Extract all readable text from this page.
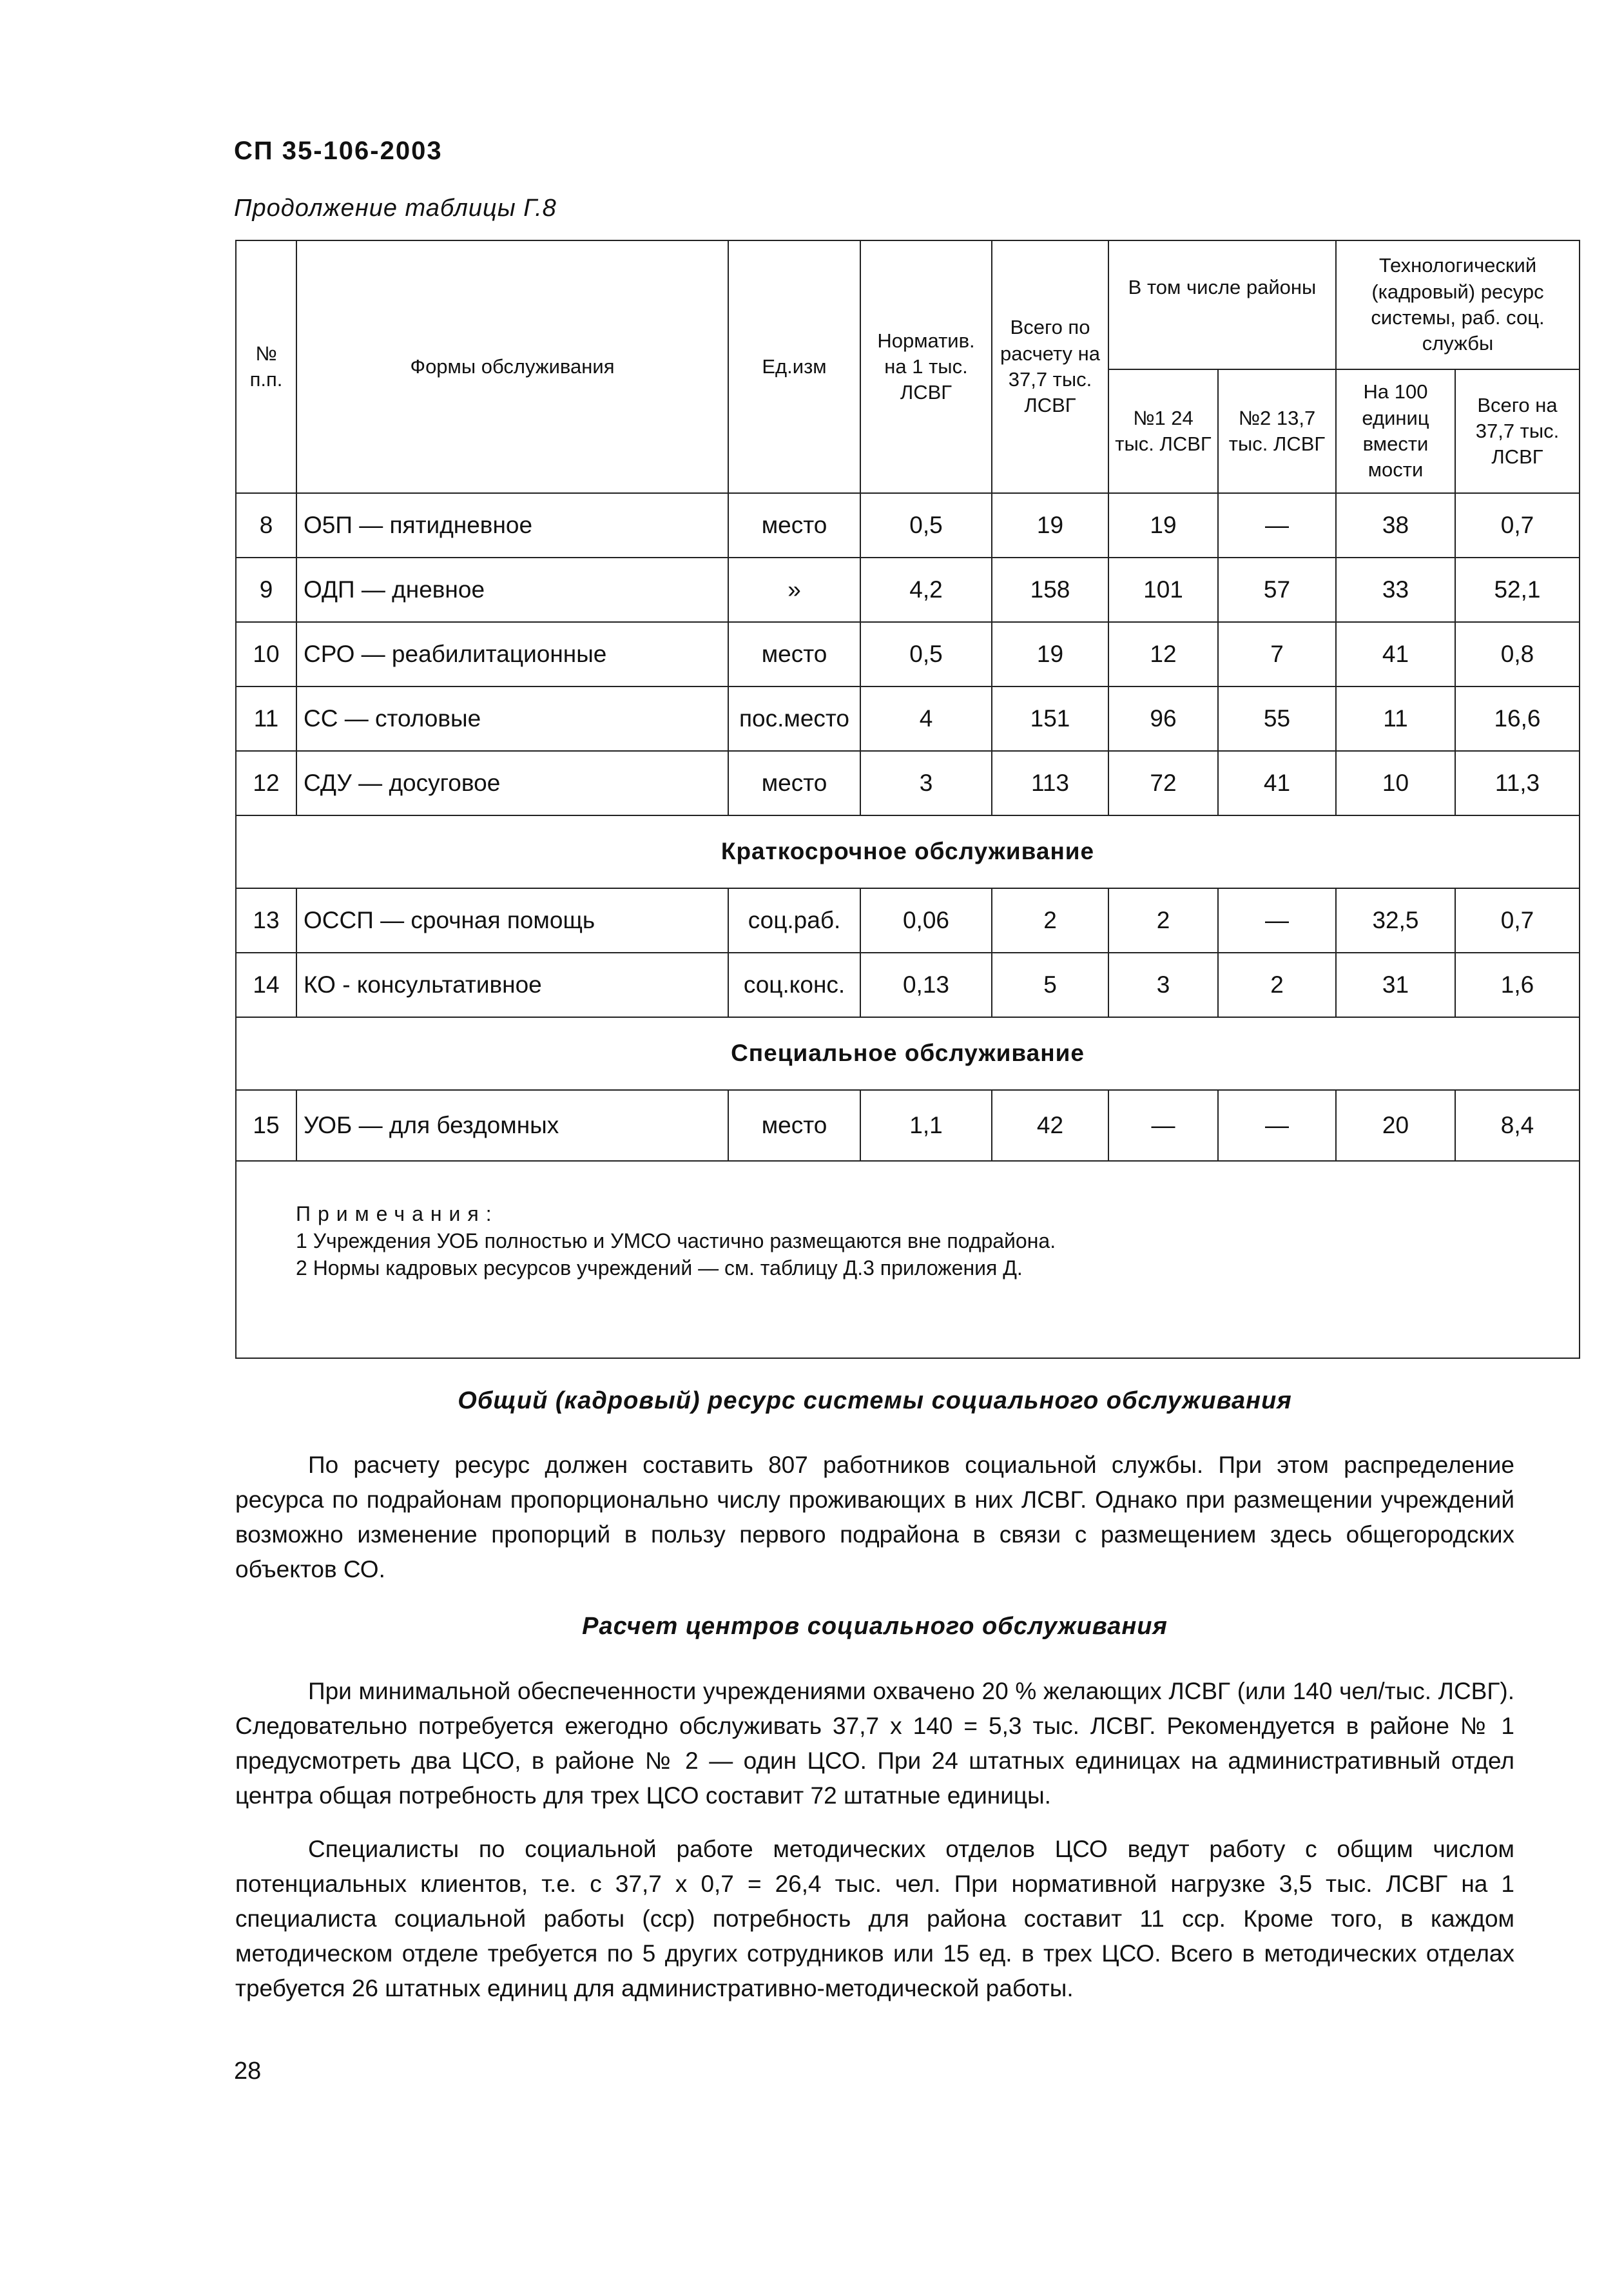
СП 35-106-2003
Продолжение таблицы Г.8
№ п.п.	Формы обслуживания	Ед.изм	Норматив. на 1 тыс. ЛСВГ	Всего по расчету на 37,7 тыс. ЛСВГ	В том числе районы		Технологический (кадровый) ресурс системы, раб. соц. службы	
					№1 24 тыс. ЛСВГ	№2 13,7 тыс. ЛСВГ	На 100 единиц вмести мости	Всего на 37,7 тыс. ЛСВГ
8	О5П — пятидневное	место	0,5	19	19	—	38	0,7
9	ОДП — дневное	»	4,2	158	101	57	33	52,1
10	СРО — реабилитационные	место	0,5	19	12	7	41	0,8
11	СС — столовые	пос.место	4	151	96	55	11	16,6
12	СДУ — досуговое	место	3	113	72	41	10	11,3
Краткосрочное обслуживание								
13	ОССП — срочная помощь	соц.раб.	0,06	2	2	—	32,5	0,7
14	КО - консультативное	соц.конс.	0,13	5	3	2	31	1,6
Специальное обслуживание								
15	УОБ — для бездомных	место	1,1	42	—	—	20	8,4

Примечания:
1 Учреждения УОБ полностью и УМСО частично размещаются вне подрайона.
2 Нормы кадровых ресурсов учреждений — см. таблицу Д.3 приложения Д.								
Общий (кадровый) ресурс системы социального обслуживания

По расчету ресурс должен составить 807 работников социальной службы. При этом распределение ресурса по подрайонам пропорционально числу проживающих в них ЛСВГ. Однако при размещении учреждений возможно изменение пропорций в пользу первого подрайона в связи с размещением здесь общегородских объектов СО.

Расчет центров социального обслуживания

При минимальной обеспеченности учреждениями охвачено 20 % желающих ЛСВГ (или 140 чел/тыс. ЛСВГ). Следовательно потребуется ежегодно обслуживать 37,7 х 140 = 5,3 тыс. ЛСВГ. Рекомендуется в районе № 1 предусмотреть два ЦСО, в районе № 2 — один ЦСО. При 24 штатных единицах на административный отдел центра общая потребность для трех ЦСО составит 72 штатные единицы.

Специалисты по социальной работе методических отделов ЦСО ведут работу с общим числом потенциальных клиентов, т.е. с 37,7 х 0,7 = 26,4 тыс. чел. При нормативной нагрузке 3,5 тыс. ЛСВГ на 1 специалиста социальной работы (сср) потребность для района составит 11 сср. Кроме того, в каждом методическом отделе требуется по 5 других сотрудников или 15 ед. в трех ЦСО. Всего в методических отделах требуется 26 штатных единиц для административно-методической работы.

28
